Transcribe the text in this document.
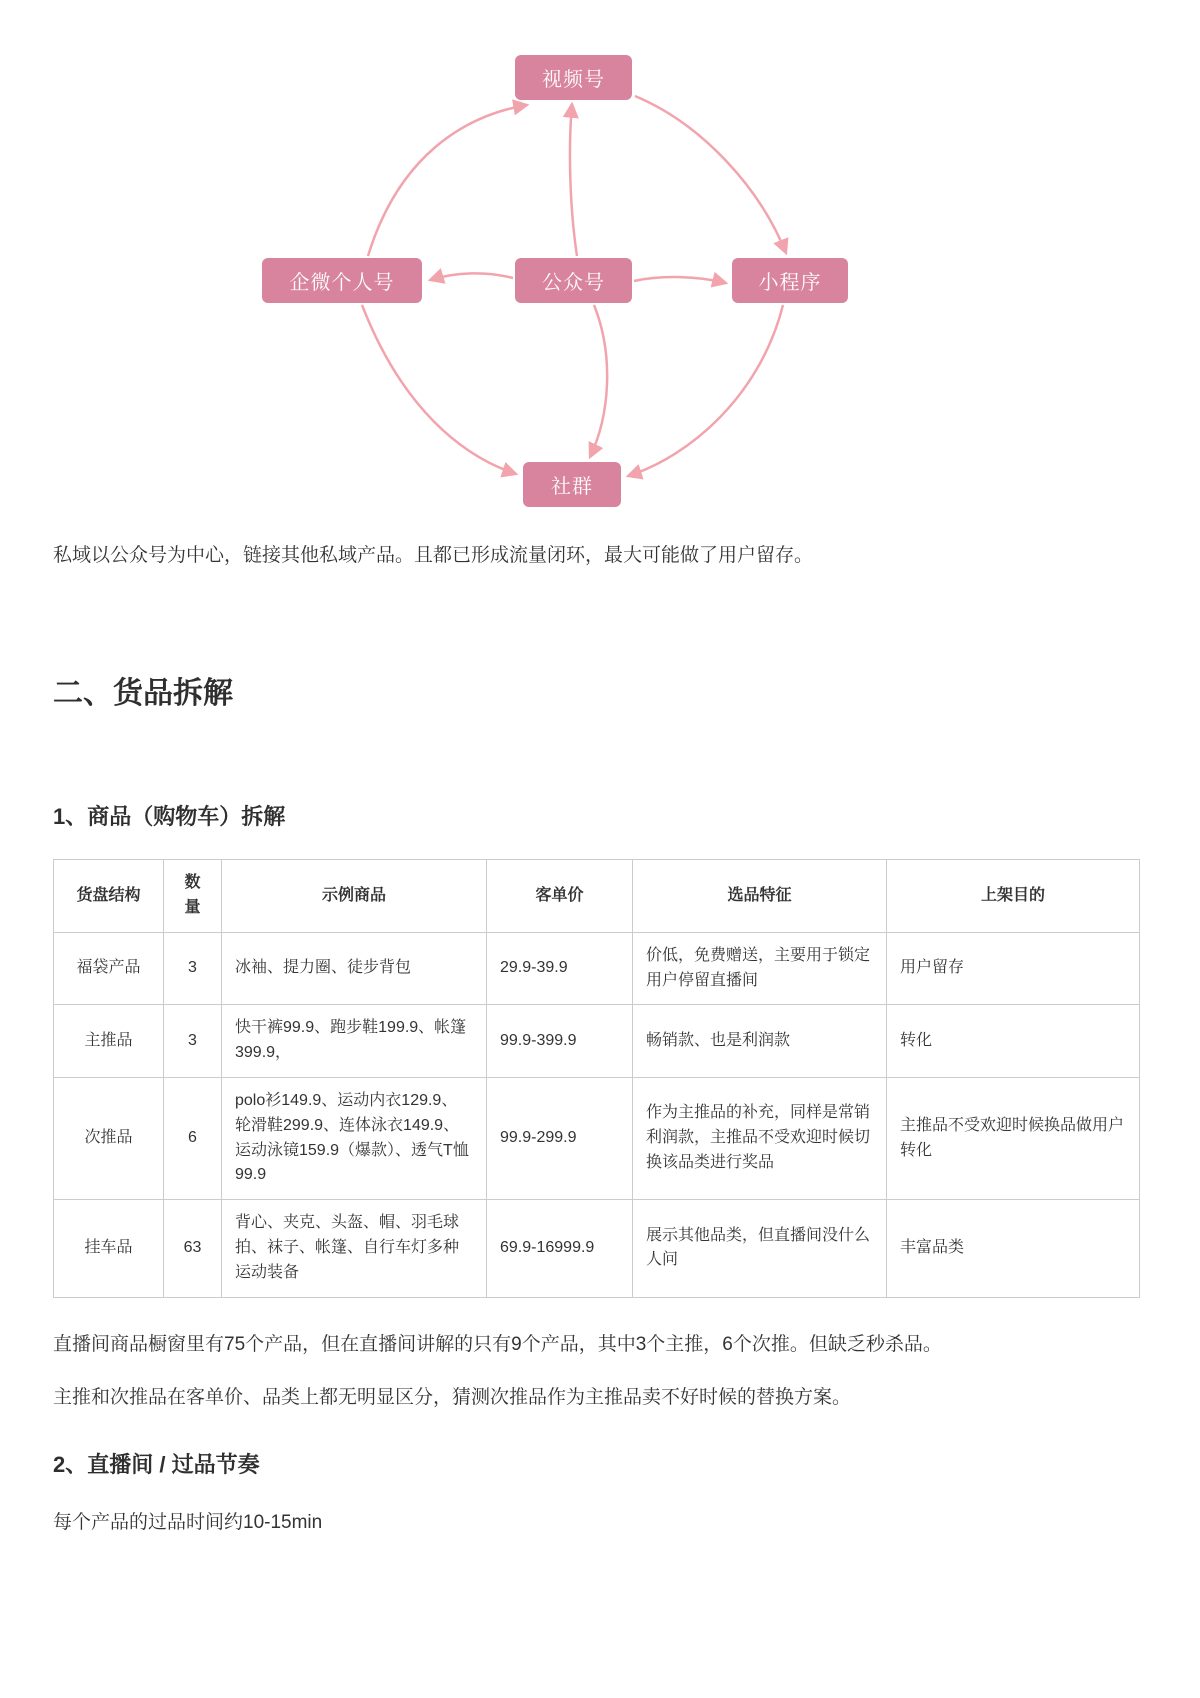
视频号
企微个人号	公众号	小程序
社群

私域以公众号为中心，链接其他私域产品。且都已形成流量闭环，最大可能做了用户留存。

二、货品拆解
1、商品（购物车）拆解
货盘结构	数量	示例商品	客单价	选品特征	上架目的
福袋产品	3	冰袖、提力圈、徒步背包	29.9-39.9	价低，免费赠送，主要用于锁定用户停留直播间	用户留存
主推品	3	快干裤99.9、跑步鞋199.9、帐篷399.9，	99.9-399.9	畅销款、也是利润款	转化
次推品	6	polo衫149.9、运动内衣129.9、轮滑鞋299.9、连体泳衣149.9、运动泳镜159.9（爆款）、透气T恤99.9	99.9-299.9	作为主推品的补充，同样是常销利润款，主推品不受欢迎时候切换该品类进行奖品	主推品不受欢迎时候换品做用户转化
挂车品	63	背心、夹克、头盔、帽、羽毛球拍、袜子、帐篷、自行车灯多种运动装备	69.9-16999.9	展示其他品类，但直播间没什么人问	丰富品类

直播间商品橱窗里有75个产品，但在直播间讲解的只有9个产品，其中3个主推，6个次推。但缺乏秒杀品。

主推和次推品在客单价、品类上都无明显区分，猜测次推品作为主推品卖不好时候的替换方案。

2、直播间 / 过品节奏

每个产品的过品时间约10-15min
